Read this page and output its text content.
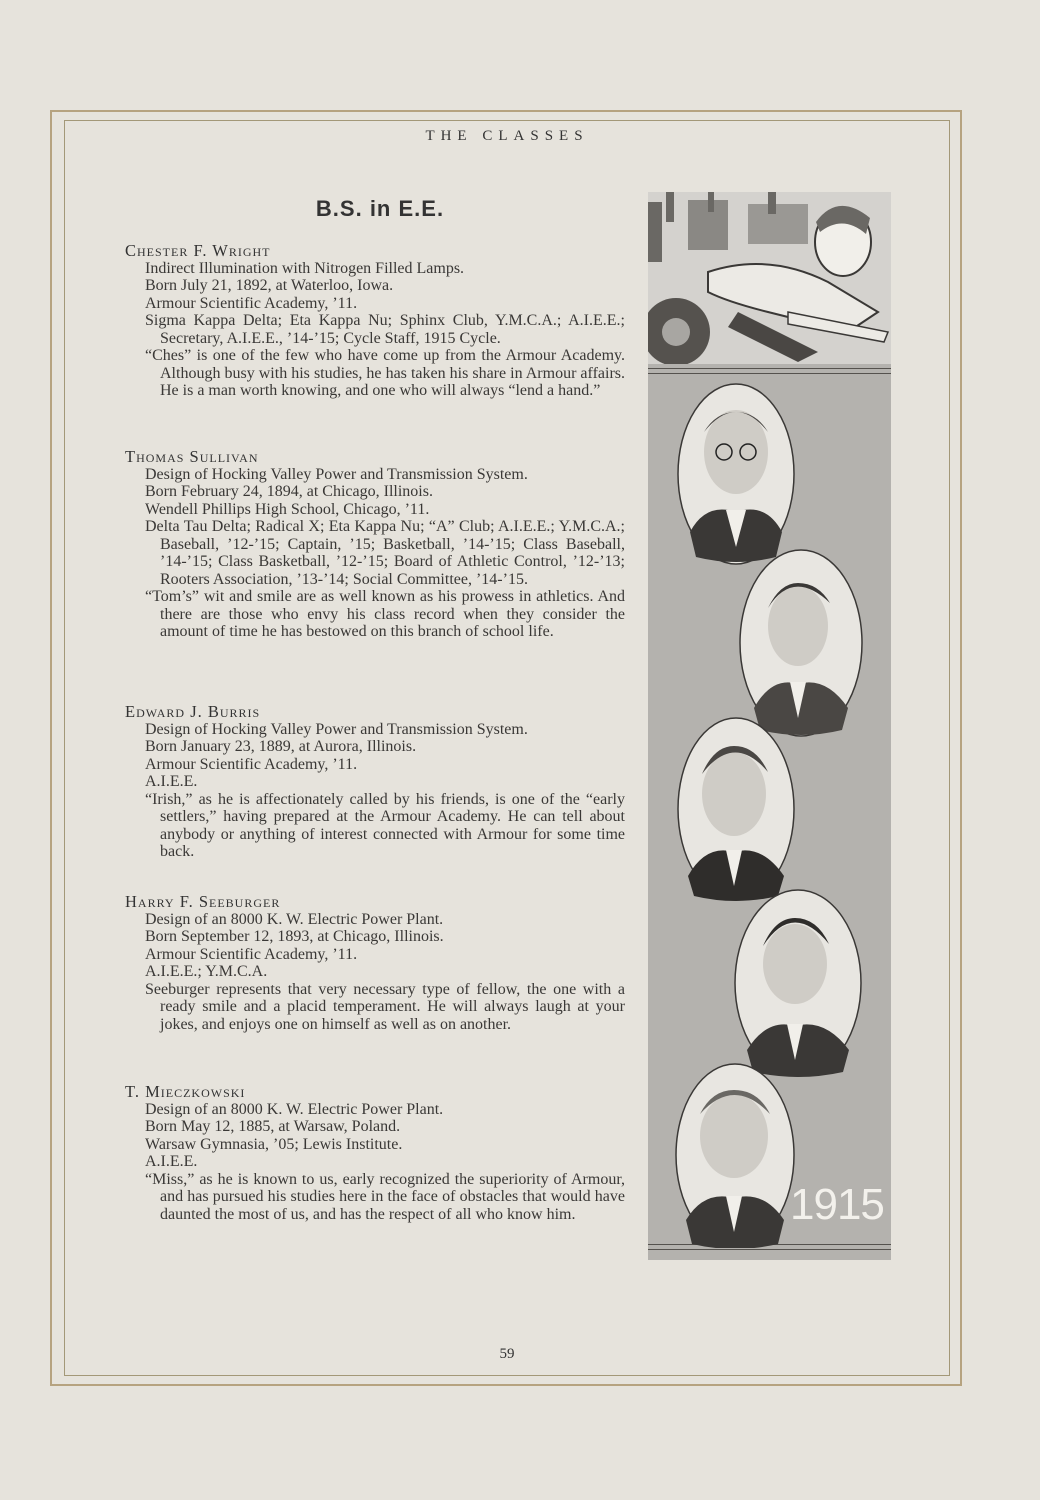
THE CLASSES
B.S. in E.E.
Chester F. Wright
Indirect Illumination with Nitrogen Filled Lamps.
Born July 21, 1892, at Waterloo, Iowa.
Armour Scientific Academy, ’11.
Sigma Kappa Delta; Eta Kappa Nu; Sphinx Club, Y.M.C.A.; A.I.E.E.; Secretary, A.I.E.E., ’14-’15; Cycle Staff, 1915 Cycle.
“Ches” is one of the few who have come up from the Armour Academy. Although busy with his studies, he has taken his share in Armour affairs. He is a man worth knowing, and one who will always “lend a hand.”
Thomas Sullivan
Design of Hocking Valley Power and Transmission System.
Born February 24, 1894, at Chicago, Illinois.
Wendell Phillips High School, Chicago, ’11.
Delta Tau Delta; Radical X; Eta Kappa Nu; “A” Club; A.I.E.E.; Y.M.C.A.; Baseball, ’12-’15; Captain, ’15; Basketball, ’14-’15; Class Baseball, ’14-’15; Class Basketball, ’12-’15; Board of Athletic Control, ’12-’13; Rooters Association, ’13-’14; Social Committee, ’14-’15.
“Tom’s” wit and smile are as well known as his prowess in athletics. And there are those who envy his class record when they consider the amount of time he has bestowed on this branch of school life.
Edward J. Burris
Design of Hocking Valley Power and Transmission System.
Born January 23, 1889, at Aurora, Illinois.
Armour Scientific Academy, ’11.
A.I.E.E.
“Irish,” as he is affectionately called by his friends, is one of the “early settlers,” having prepared at the Armour Academy. He can tell about anybody or anything of interest connected with Armour for some time back.
Harry F. Seeburger
Design of an 8000 K. W. Electric Power Plant.
Born September 12, 1893, at Chicago, Illinois.
Armour Scientific Academy, ’11.
A.I.E.E.; Y.M.C.A.
Seeburger represents that very necessary type of fellow, the one with a ready smile and a placid temperament. He will always laugh at your jokes, and enjoys one on himself as well as on another.
T. Mieczkowski
Design of an 8000 K. W. Electric Power Plant.
Born May 12, 1885, at Warsaw, Poland.
Warsaw Gymnasia, ’05; Lewis Institute.
A.I.E.E.
“Miss,” as he is known to us, early recognized the superiority of Armour, and has pursued his studies here in the face of obstacles that would have daunted the most of us, and has the respect of all who know him.	1915
59
